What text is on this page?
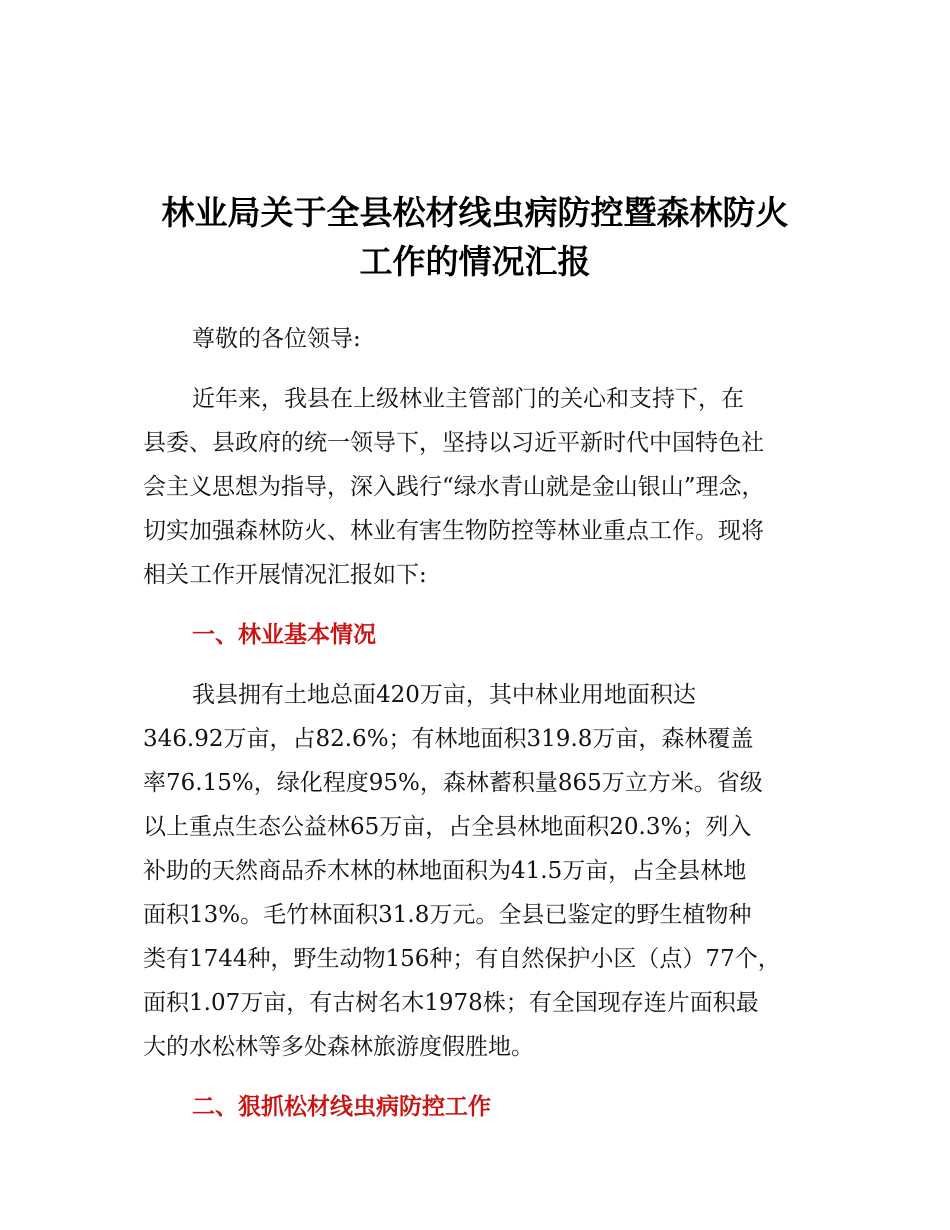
林业局关于全县松材线虫病防控暨森林防火
工作的情况汇报
尊敬的各位领导:
近年来，我县在上级林业主管部门的关心和支持下，在
县委、县政府的统一领导下，坚持以习近平新时代中国特色社
会主义思想为指导，深入践行“绿水青山就是金山银山”理念，
切实加强森林防火、林业有害生物防控等林业重点工作。现将
相关工作开展情况汇报如下:
一、林业基本情况
我县拥有土地总面420万亩，其中林业用地面积达
346.92万亩，占82.6%；有林地面积319.8万亩，森林覆盖
率76.15%，绿化程度95%，森林蓄积量865万立方米。省级
以上重点生态公益林65万亩，占全县林地面积20.3%；列入
补助的天然商品乔木林的林地面积为41.5万亩，占全县林地
面积13%。毛竹林面积31.8万元。全县已鉴定的野生植物种
类有1744种，野生动物156种；有自然保护小区（点）77个，
面积1.07万亩，有古树名木1978株；有全国现存连片面积最
大的水松林等多处森林旅游度假胜地。
二、狠抓松材线虫病防控工作
